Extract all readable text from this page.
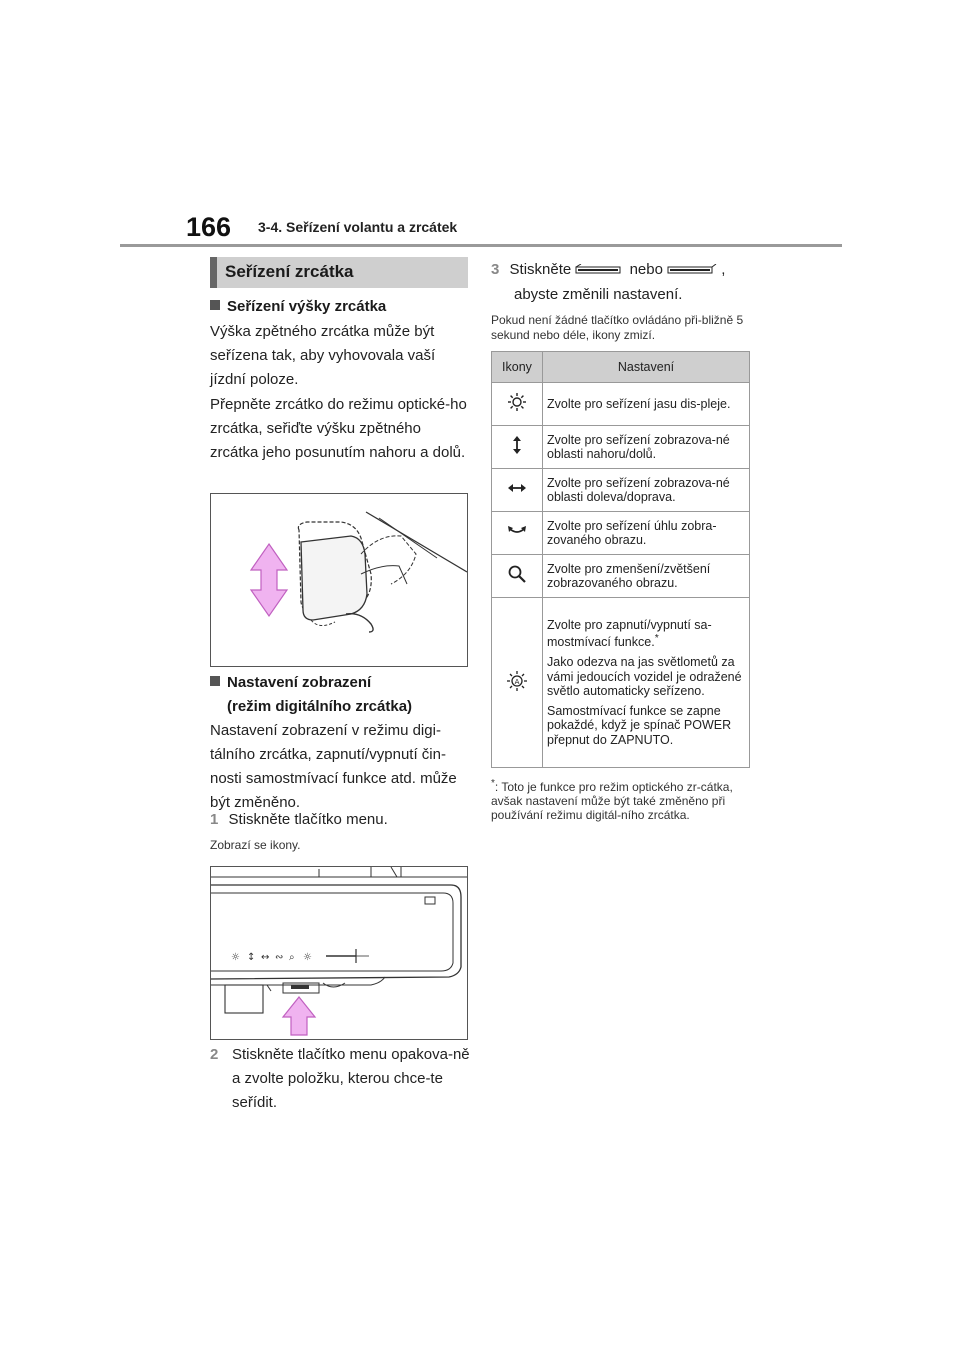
166 3-4. Seřízení volantu a zrcátek
Seřízení zrcátka
Seřízení výšky zrcátka
Výška zpětného zrcátka může být seřízena tak, aby vyhovovala vaší jízdní poloze.
Přepněte zrcátko do režimu optické-ho zrcátka, seřiďte výšku zpětného zrcátka jeho posunutím nahoru a dolů.
Nastavení zobrazení
(režim digitálního zrcátka)
Nastavení zobrazení v režimu digi-tálního zrcátka, zapnutí/vypnutí čin-nosti samostmívací funkce atd. může být změněno.
1 Stiskněte tlačítko menu.
Zobrazí se ikony.
☼ ↕ ↔ ∾ ⌕ ☼
2 Stiskněte tlačítko menu opakova-ně a zvolte položku, kterou chce-te seřídit.
3 Stiskněte	nebo	,
abyste změnili nastavení.
Pokud není žádné tlačítko ovládáno při-bližně 5 sekund nebo déle, ikony zmizí.
Ikony	Nastavení
	Zvolte pro seřízení jasu dis-pleje.
	Zvolte pro seřízení zobrazova-né oblasti nahoru/dolů.
	Zvolte pro seřízení zobrazova-né oblasti doleva/doprava.
	Zvolte pro seřízení úhlu zobra-zovaného obrazu.
	Zvolte pro zmenšení/zvětšení zobrazovaného obrazu.

A	Zvolte pro zapnutí/vypnutí sa-mostmívací funkce.*

Jako odezva na jas světlometů za vámi jedoucích vozidel je odražené světlo automaticky seřízeno.

Samostmívací funkce se zapne pokaždé, když je spínač POWER přepnut do ZAPNUTO.

*: Toto je funkce pro režim optického zr-cátka, avšak nastavení může být také změněno při používání režimu digitál-ního zrcátka.
